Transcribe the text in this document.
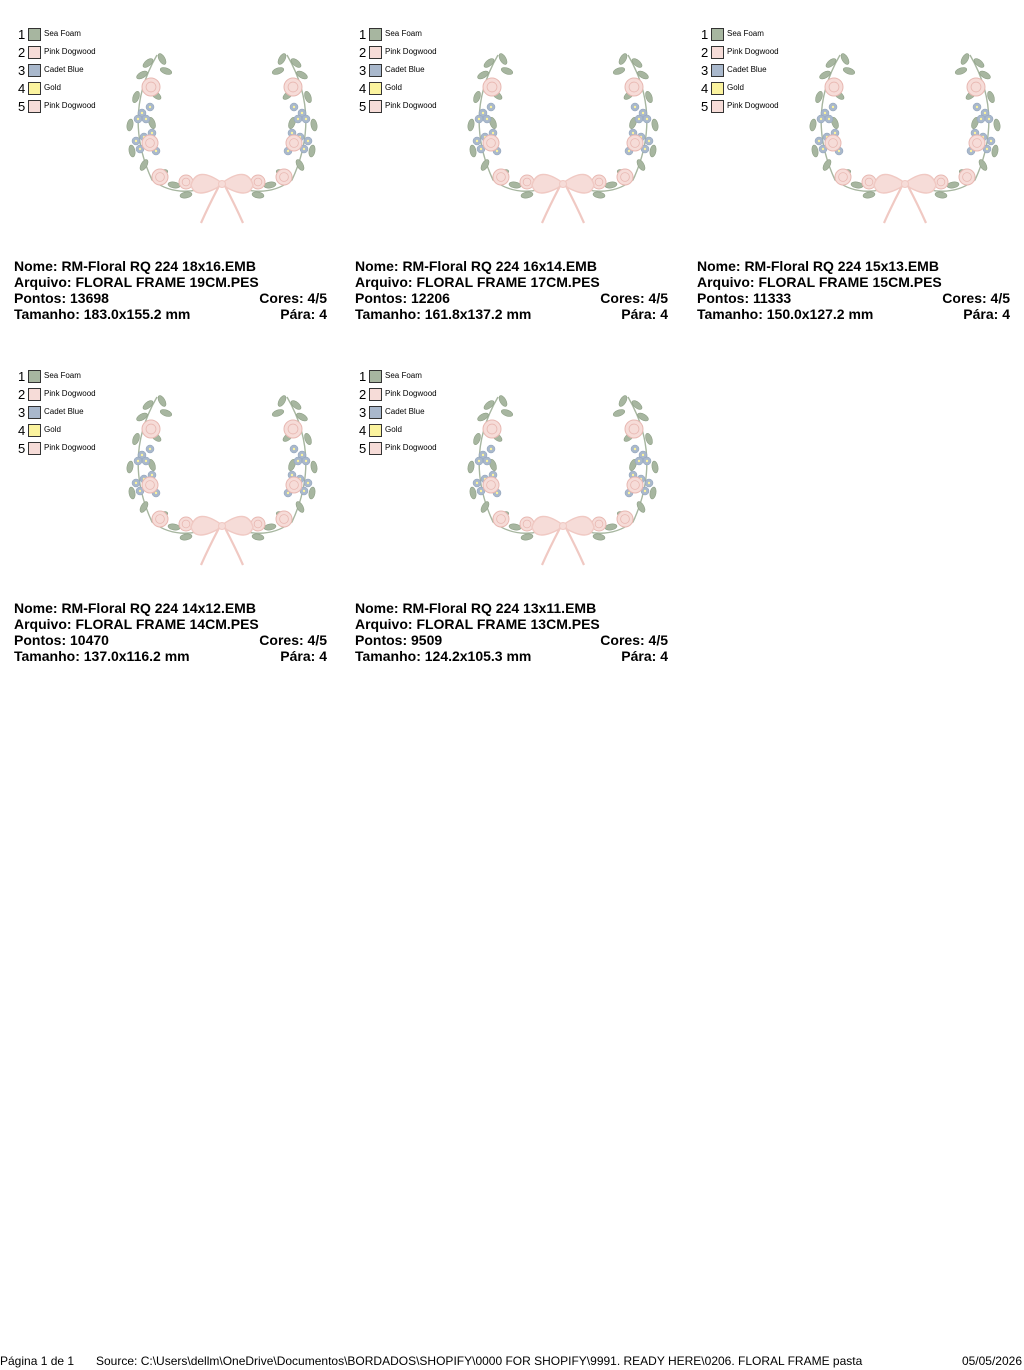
1	Sea Foam
2	Pink Dogwood
3	Cadet Blue
4	Gold
5	Pink Dogwood
Nome: RM-Floral RQ 224 18x16.EMB
Arquivo: FLORAL FRAME 19CM.PES
Pontos: 13698	Cores: 4/5
Tamanho: 183.0x155.2 mm	Pára: 4
1	Sea Foam
2	Pink Dogwood
3	Cadet Blue
4	Gold
5	Pink Dogwood
Nome: RM-Floral RQ 224 16x14.EMB
Arquivo: FLORAL FRAME 17CM.PES
Pontos: 12206	Cores: 4/5
Tamanho: 161.8x137.2 mm	Pára: 4
1	Sea Foam
2	Pink Dogwood
3	Cadet Blue
4	Gold
5	Pink Dogwood
Nome: RM-Floral RQ 224 15x13.EMB
Arquivo: FLORAL FRAME 15CM.PES
Pontos: 11333	Cores: 4/5
Tamanho: 150.0x127.2 mm	Pára: 4
1	Sea Foam
2	Pink Dogwood
3	Cadet Blue
4	Gold
5	Pink Dogwood
Nome: RM-Floral RQ 224 14x12.EMB
Arquivo: FLORAL FRAME 14CM.PES
Pontos: 10470	Cores: 4/5
Tamanho: 137.0x116.2 mm	Pára: 4
1	Sea Foam
2	Pink Dogwood
3	Cadet Blue
4	Gold
5	Pink Dogwood
Nome: RM-Floral RQ 224 13x11.EMB
Arquivo: FLORAL FRAME 13CM.PES
Pontos: 9509	Cores: 4/5
Tamanho: 124.2x105.3 mm	Pára: 4
Página 1 de 1 Source: C:\Users\dellm\OneDrive\Documentos\BORDADOS\SHOPIFY\0000 FOR SHOPIFY\9991. READY HERE\0206. FLORAL FRAME pasta	05/05/2026
